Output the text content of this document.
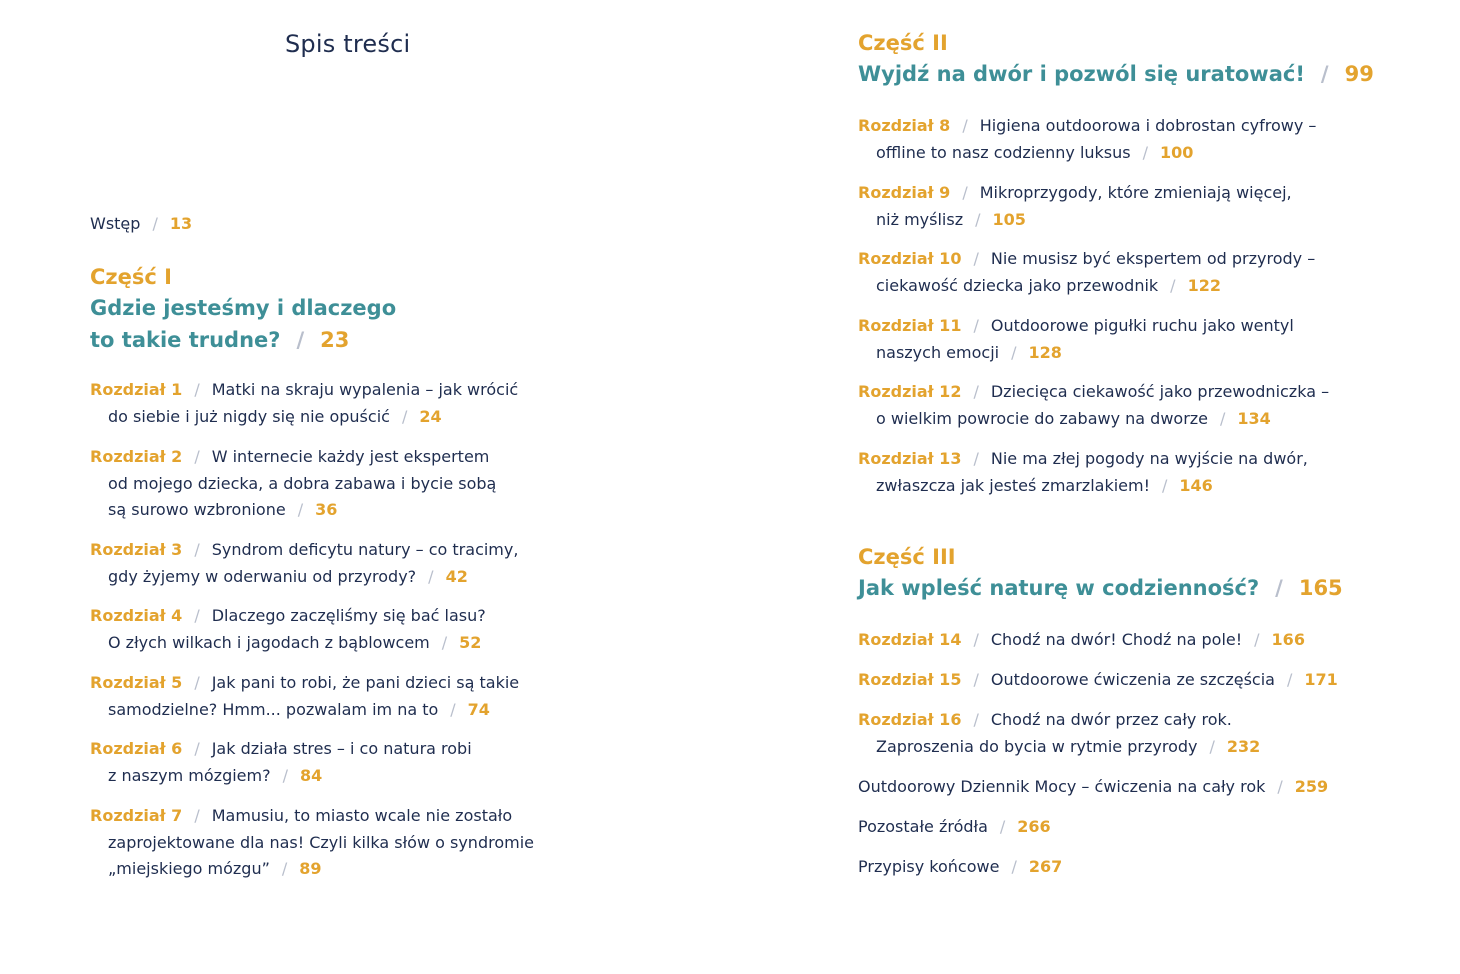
Spis treści
Wstęp / 13
Część I
Gdzie jesteśmy i dlaczego
to takie trudne? / 23
Rozdział 1 / Matki na skraju wypalenia – jak wrócić
do siebie i już nigdy się nie opuścić / 24
Rozdział 2 / W internecie każdy jest ekspertem
od mojego dziecka, a dobra zabawa i bycie sobą
są surowo wzbronione / 36
Rozdział 3 / Syndrom deficytu natury – co tracimy,
gdy żyjemy w oderwaniu od przyrody? / 42
Rozdział 4 / Dlaczego zaczęliśmy się bać lasu?
O złych wilkach i jagodach z bąblowcem / 52
Rozdział 5 / Jak pani to robi, że pani dzieci są takie
samodzielne? Hmm... pozwalam im na to / 74
Rozdział 6 / Jak działa stres – i co natura robi
z naszym mózgiem? / 84
Rozdział 7 / Mamusiu, to miasto wcale nie zostało
zaprojektowane dla nas! Czyli kilka słów o syndromie
„miejskiego mózgu” / 89
Część II
Wyjdź na dwór i pozwól się uratować! / 99
Rozdział 8 / Higiena outdoorowa i dobrostan cyfrowy –
offline to nasz codzienny luksus / 100
Rozdział 9 / Mikroprzygody, które zmieniają więcej,
niż myślisz / 105
Rozdział 10 / Nie musisz być ekspertem od przyrody –
ciekawość dziecka jako przewodnik / 122
Rozdział 11 / Outdoorowe pigułki ruchu jako wentyl
naszych emocji / 128
Rozdział 12 / Dziecięca ciekawość jako przewodniczka –
o wielkim powrocie do zabawy na dworze / 134
Rozdział 13 / Nie ma złej pogody na wyjście na dwór,
zwłaszcza jak jesteś zmarzlakiem! / 146
Część III
Jak wpleść naturę w codzienność? / 165
Rozdział 14 / Chodź na dwór! Chodź na pole! / 166
Rozdział 15 / Outdoorowe ćwiczenia ze szczęścia / 171
Rozdział 16 / Chodź na dwór przez cały rok.
Zaproszenia do bycia w rytmie przyrody / 232
Outdoorowy Dziennik Mocy – ćwiczenia na cały rok / 259
Pozostałe źródła / 266
Przypisy końcowe / 267
